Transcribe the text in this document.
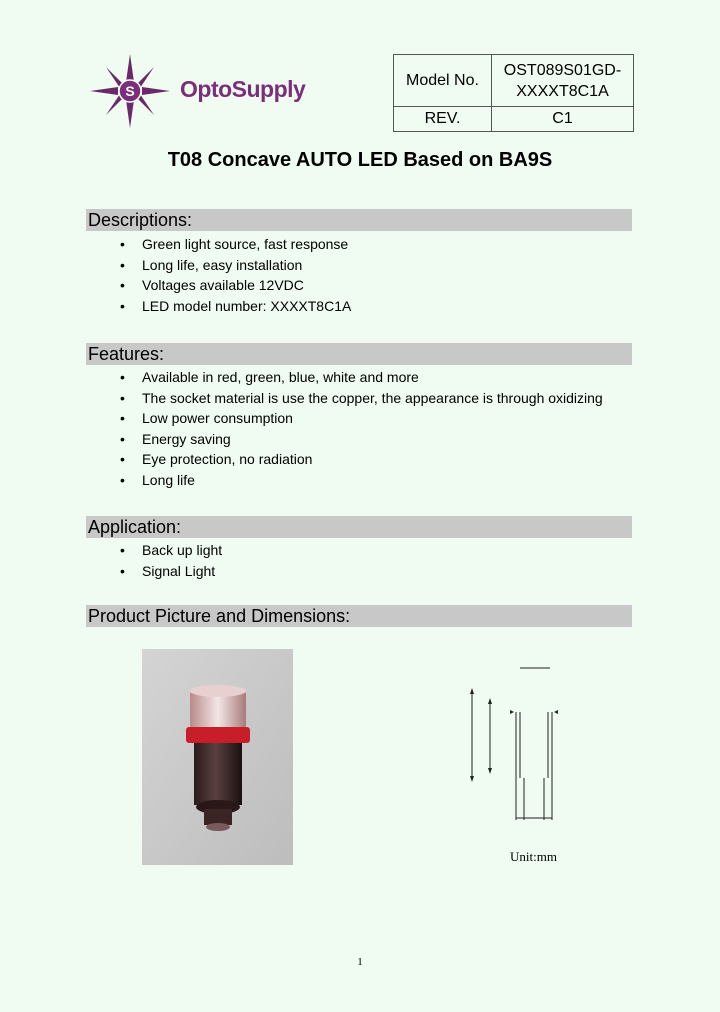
S OptoSupply	Model No.	OST089S01GD-
XXXXT8C1A

REV.	C1
T08 Concave AUTO LED Based on BA9S
Descriptions:
• Green light source, fast response
• Long life, easy installation
• Voltages available 12VDC
• LED model number: XXXXT8C1A
Features:
• Available in red, green, blue, white and more
• The socket material is use the copper, the appearance is through oxidizing
• Low power consumption
• Energy saving
• Eye protection, no radiation
• Long life
Application:
• Back up light
• Signal Light
Product Picture and Dimensions:
Unit:mm
1
